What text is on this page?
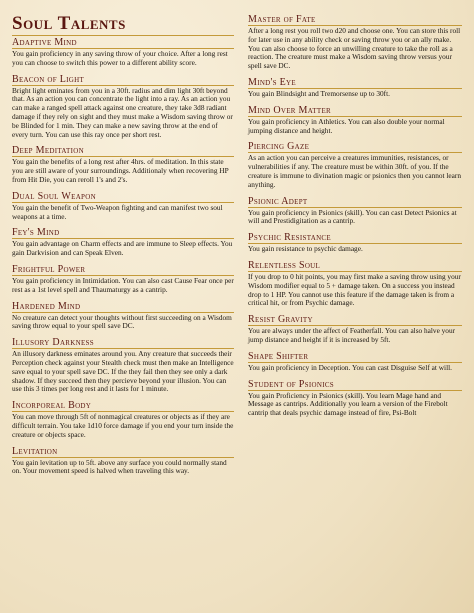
Soul Talents
Adaptive Mind

You gain proficiency in any saving throw of your choice. After a long rest you can choose to switch this power to a different ability score.

Beacon of Light

Bright light eminates from you in a 30ft. radius and dim light 30ft beyond that. As an action you can concentrate the light into a ray. As an action you can make a ranged spell attack against one creature, they take 3d8 radiant damage if they rely on sight and they must make a Wisdom saving throw or be Blinded for 1 min. They can make a new saving throw at the end of every turn. You can use this ray once per short rest.

Deep Meditation

You gain the benefits of a long rest after 4hrs. of meditation. In this state you are still aware of your surroundings. Additionaly when recovering HP from Hit Die, you can reroll 1's and 2's.

Dual Soul Weapon

You gain the benefit of Two-Weapon fighting and can manifest two soul weapons at a time.

Fey's Mind

You gain advantage on Charm effects and are immune to Sleep effects. You gain Darkvision and can Speak Elven.

Frightful Power

You gain proficiency in Intimidation. You can also cast Cause Fear once per rest as a 1st level spell and Thaumaturgy as a cantrip.

Hardened Mind

No creature can detect your thoughts without first succeeding on a Wisdom saving throw equal to your spell save DC.

Illusory Darkness

An illusory darkness eminates around you. Any creature that succeeds their Perception check against your Stealth check must then make an Intelligence save equal to your spell save DC. If the they fail then they see only a dark shadow. If they succeed then they percieve beyond your illusion. You can use this 3 times per long rest and it lasts for 1 minute.

Incorporeal Body

You can move through 5ft of nonmagical creatures or objects as if they are difficult terrain. You take 1d10 force damage if you end your turn inside the creature or objects space.

Levitation

You gain levitation up to 5ft. above any surface you could normally stand on. Your movement speed is halved when traveling this way.

Master of Fate

After a long rest you roll two d20 and choose one. You can store this roll for later use in any ability check or saving throw you or an ally make. You can also choose to force an unwilling creature to take the roll as a reaction. The creature must make a Wisdom saving throw versus your spell save DC.

Mind's Eye

You gain Blindsight and Tremorsense up to 30ft.

Mind Over Matter

You gain proficiency in Athletics. You can also double your normal jumping distance and height.

Piercing Gaze

As an action you can perceive a creatures immunities, resistances, or vulnerabilities if any. The creature must be within 30ft. of you. If the creature is immune to divination magic or psionics then you cannot learn anything.

Psionic Adept

You gain proficiency in Psionics (skill). You can cast Detect Psionics at will and Prestidigitation as a cantrip.

Psychic Resistance

You gain resistance to psychic damage.

Relentless Soul

If you drop to 0 hit points, you may first make a saving throw using your Wisdom modifier equal to 5 + damage taken. On a success you instead drop to 1 HP. You cannot use this feature if the damage taken is from a critical hit, or from Psychic damage.

Resist Gravity

You are always under the affect of Featherfall. You can also halve your jump distance and height if it is increased by 5ft.

Shape Shifter

You gain proficiency in Deception. You can cast Disguise Self at will.

Student of Psionics

You gain Proficiency in Psionics (skill). You learn Mage hand and Message as cantrips. Additionally you learn a version of the Firebolt cantrip that deals psychic damage instead of fire, Psi-Bolt
